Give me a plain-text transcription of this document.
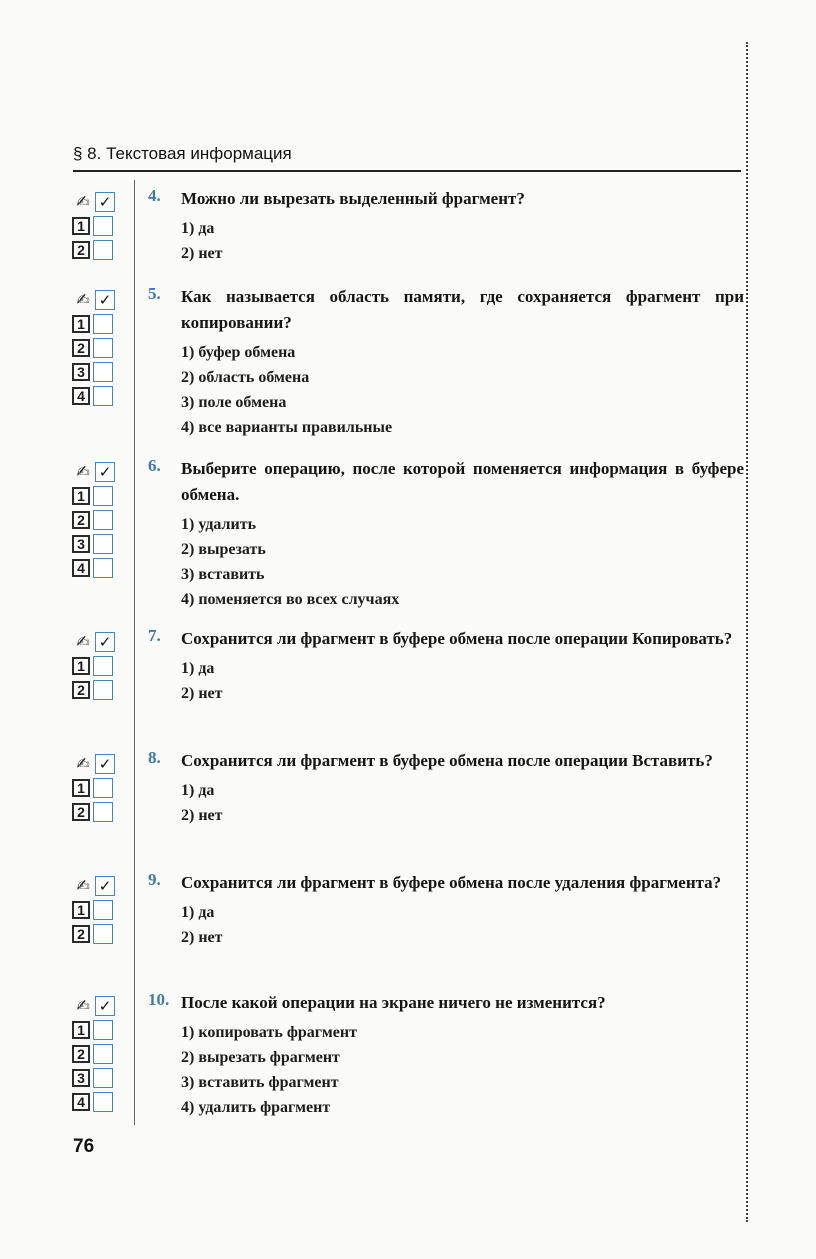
§ 8. Текстовая информация
✍ ✓
1
2
4.	Можно ли вырезать выделенный фрагмент?
1) да
2) нет
✍ ✓
1
2
3
4
5.	Как называется область памяти, где сохраняется фрагмент при копировании?
1) буфер обмена
2) область обмена
3) поле обмена
4) все варианты правильные
✍ ✓
1
2
3
4
6.	Выберите операцию, после которой поменяется информация в буфере обмена.
1) удалить
2) вырезать
3) вставить
4) поменяется во всех случаях
✍ ✓
1
2
7.	Сохранится ли фрагмент в буфере обмена после операции Копировать?
1) да
2) нет
✍ ✓
1
2
8.	Сохранится ли фрагмент в буфере обмена после операции Вставить?
1) да
2) нет
✍ ✓
1
2
9.	Сохранится ли фрагмент в буфере обмена после удаления фрагмента?
1) да
2) нет
✍ ✓
1
2
3
4
10. После какой операции на экране ничего не изменится?
1) копировать фрагмент
2) вырезать фрагмент
3) вставить фрагмент
4) удалить фрагмент
76
